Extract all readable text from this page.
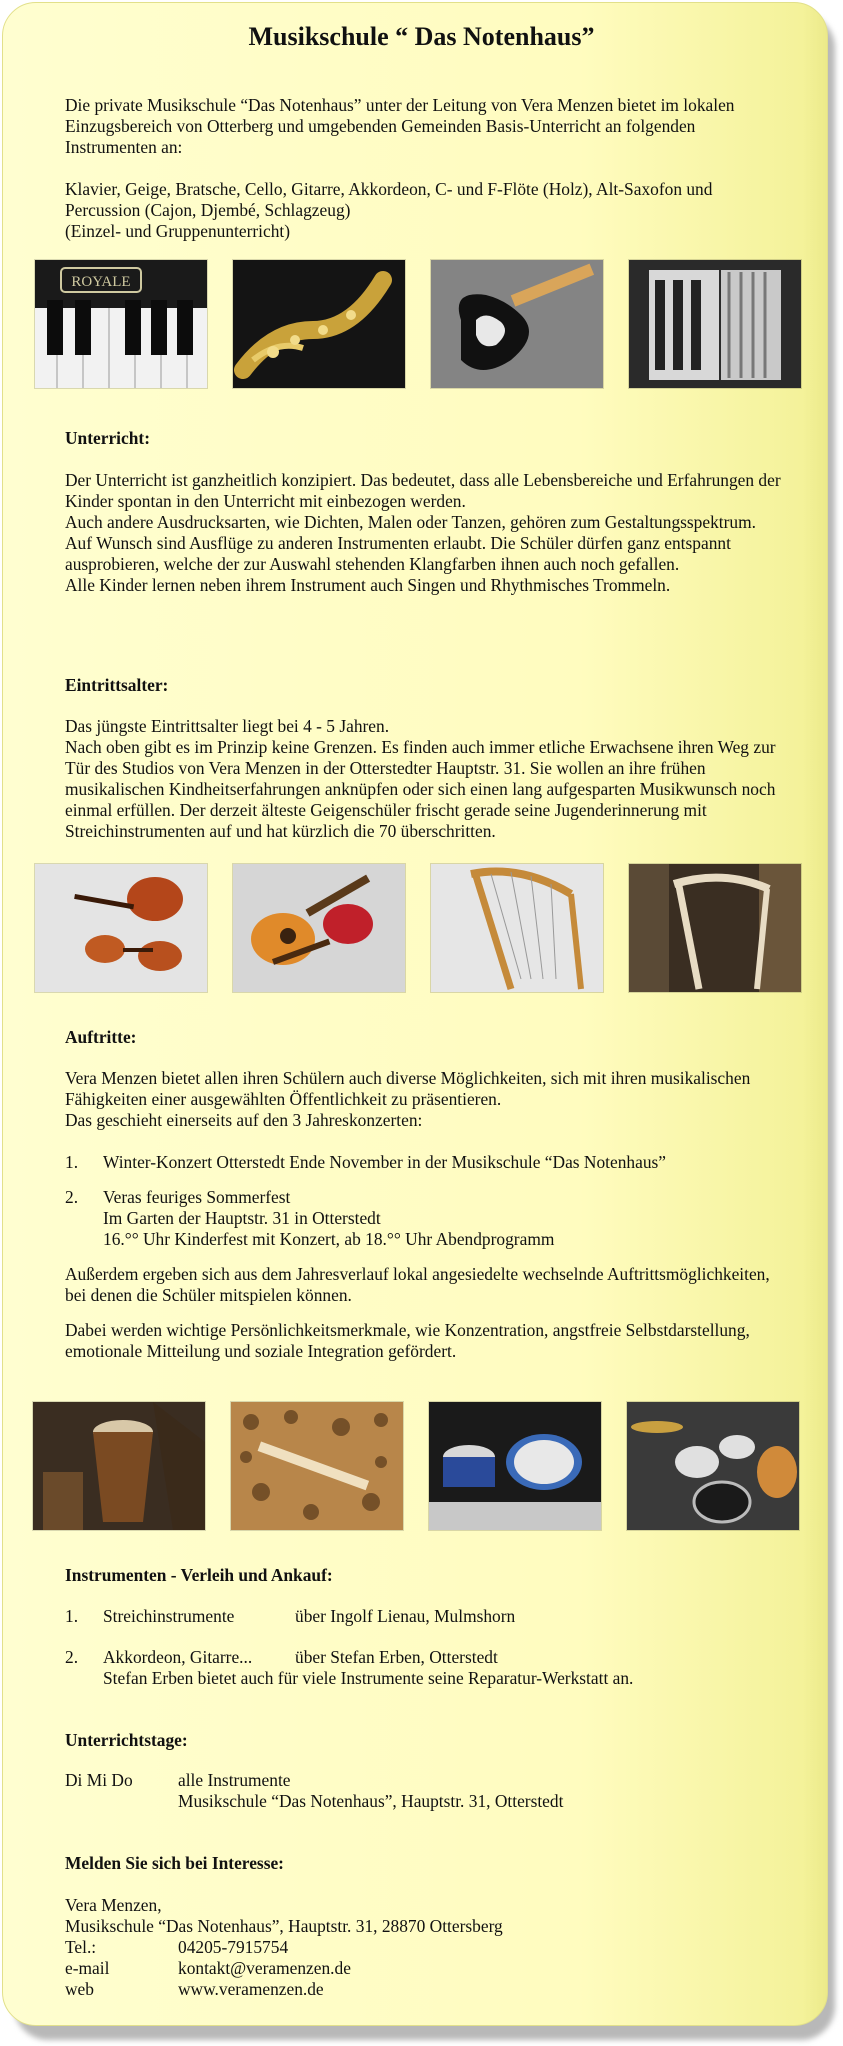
Musikschule “ Das Notenhaus”

Die private Musikschule “Das Notenhaus” unter der Leitung von Vera Menzen bietet im lokalen Einzugsbereich von Otterberg und umgebenden Gemeinden Basis-Unterricht an folgenden Instrumenten an:

Klavier, Geige, Bratsche, Cello, Gitarre, Akkordeon, C- und F-Flöte (Holz), Alt-Saxofon und Percussion (Cajon, Djembé, Schlagzeug)

(Einzel- und Gruppenunterricht)

ROYALE
Unterricht:

Der Unterricht ist ganzheitlich konzipiert. Das bedeutet, dass alle Lebensbereiche und Erfahrungen der Kinder spontan in den Unterricht mit einbezogen werden.

Auch andere Ausdrucksarten, wie Dichten, Malen oder Tanzen, gehören zum Gestaltungsspektrum.

Auf Wunsch sind Ausflüge zu anderen Instrumenten erlaubt. Die Schüler dürfen ganz entspannt ausprobieren, welche der zur Auswahl stehenden Klangfarben ihnen auch noch gefallen.

Alle Kinder lernen neben ihrem Instrument auch Singen und Rhythmisches Trommeln.

Eintrittsalter:

Das jüngste Eintrittsalter liegt bei 4 - 5 Jahren.

Nach oben gibt es im Prinzip keine Grenzen. Es finden auch immer etliche Erwachsene ihren Weg zur Tür des Studios von Vera Menzen in der Otterstedter Hauptstr. 31. Sie wollen an ihre frühen musikalischen Kindheitserfahrungen anknüpfen oder sich einen lang aufgesparten Musikwunsch noch einmal erfüllen. Der derzeit älteste Geigenschüler frischt gerade seine Jugenderinnerung mit Streichinstrumenten auf und hat kürzlich die 70 überschritten.

Auftritte:

Vera Menzen bietet allen ihren Schülern auch diverse Möglichkeiten, sich mit ihren musikalischen Fähigkeiten einer ausgewählten Öffentlichkeit zu präsentieren.

Das geschieht einerseits auf den 3 Jahreskonzerten:

1.	Winter-Konzert Otterstedt Ende November in der Musikschule “Das Notenhaus”
2.	Veras feuriges Sommerfest
Im Garten der Hauptstr. 31 in Otterstedt
16.°° Uhr Kinderfest mit Konzert, ab 18.°° Uhr Abendprogramm

Außerdem ergeben sich aus dem Jahresverlauf lokal angesiedelte wechselnde Auftrittsmöglichkeiten, bei denen die Schüler mitspielen können.

Dabei werden wichtige Persönlichkeitsmerkmale, wie Konzentration, angstfreie Selbstdarstellung, emotionale Mitteilung und soziale Integration gefördert.

Instrumenten - Verleih und Ankauf:
1.	Streichinstrumente	über Ingolf Lienau, Mulmshorn
2.	Akkordeon, Gitarre...	über Stefan Erben, Otterstedt
Stefan Erben bietet auch für viele Instrumente seine Reparatur-Werkstatt an.
Unterrichtstage:
Di Mi Do	alle Instrumente
Musikschule “Das Notenhaus”, Hauptstr. 31, Otterstedt
Melden Sie sich bei Interesse:

Vera Menzen,

Musikschule “Das Notenhaus”, Hauptstr. 31, 28870 Ottersberg

Tel.:	04205-7915754
e-mail	kontakt@veramenzen.de
web	www.veramenzen.de
